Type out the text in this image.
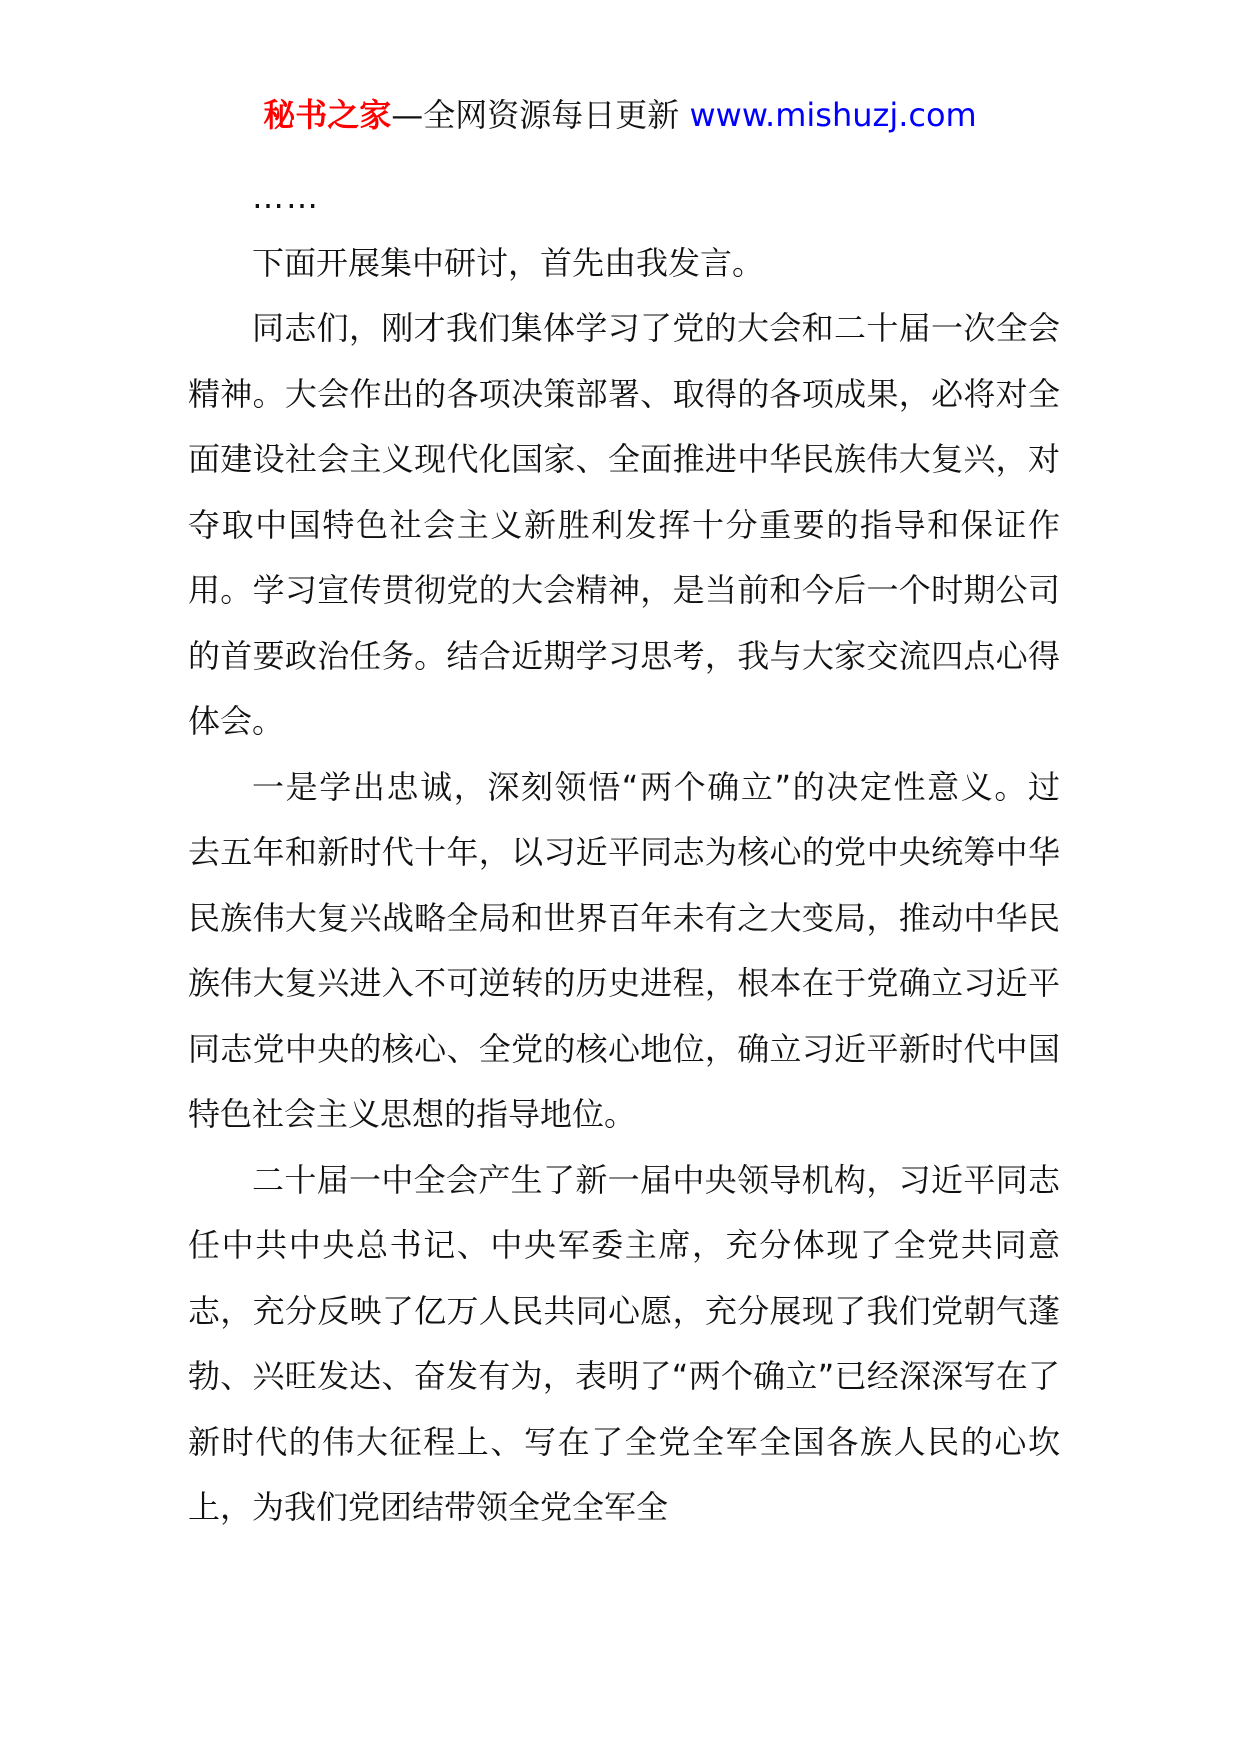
秘书之家—全网资源每日更新 www.mishuzj.com

……

下面开展集中研讨，首先由我发言。

同志们，刚才我们集体学习了党的大会和二十届一次全会精神。大会作出的各项决策部署、取得的各项成果，必将对全面建设社会主义现代化国家、全面推进中华民族伟大复兴，对夺取中国特色社会主义新胜利发挥十分重要的指导和保证作用。学习宣传贯彻党的大会精神，是当前和今后一个时期公司的首要政治任务。结合近期学习思考，我与大家交流四点心得体会。

一是学出忠诚，深刻领悟“两个确立”的决定性意义。过去五年和新时代十年，以习近平同志为核心的党中央统筹中华民族伟大复兴战略全局和世界百年未有之大变局，推动中华民族伟大复兴进入不可逆转的历史进程，根本在于党确立习近平同志党中央的核心、全党的核心地位，确立习近平新时代中国特色社会主义思想的指导地位。

二十届一中全会产生了新一届中央领导机构，习近平同志任中共中央总书记、中央军委主席，充分体现了全党共同意志，充分反映了亿万人民共同心愿，充分展现了我们党朝气蓬勃、兴旺发达、奋发有为，表明了“两个确立”已经深深写在了新时代的伟大征程上、写在了全党全军全国各族人民的心坎上，为我们党团结带领全党全军全
